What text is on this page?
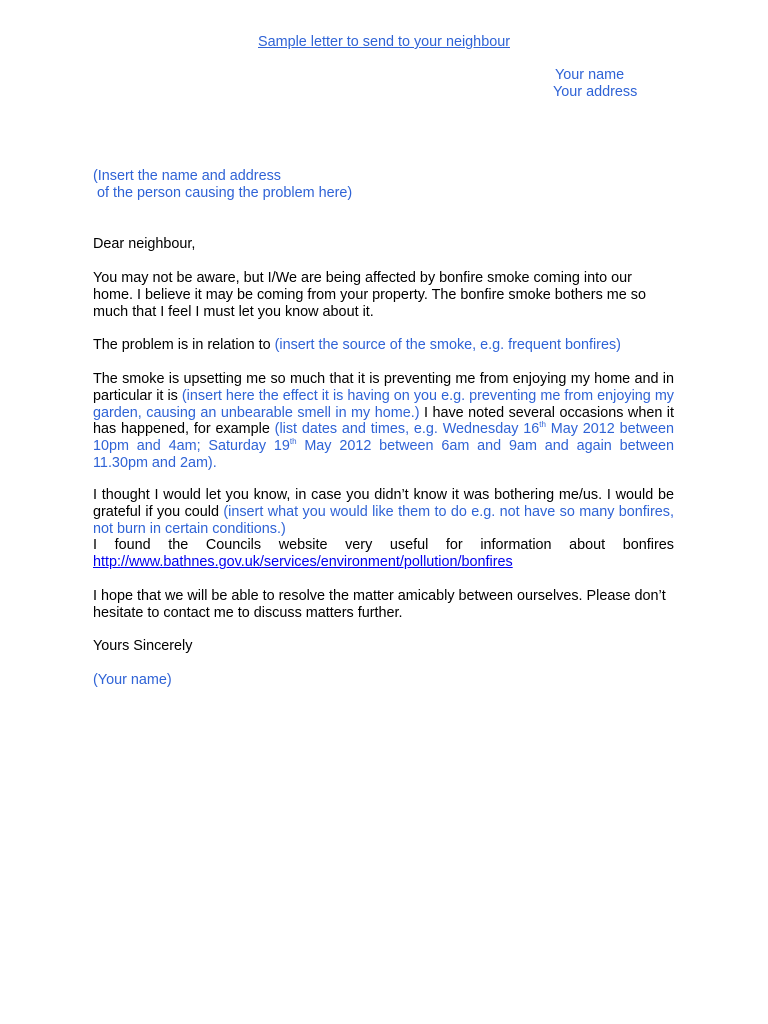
Sample letter to send to your neighbour
Your name
Your address
(Insert the name and address
of the person causing the problem here)
Dear neighbour,
You may not be aware, but I/We are being affected by bonfire smoke coming into our home. I believe it may be coming from your property. The bonfire smoke bothers me so much that I feel I must let you know about it.
The problem is in relation to (insert the source of the smoke, e.g. frequent bonfires)
The smoke is upsetting me so much that it is preventing me from enjoying my home and in particular it is (insert here the effect it is having on you e.g. preventing me from enjoying my garden, causing an unbearable smell in my home.) I have noted several occasions when it has happened, for example (list dates and times, e.g. Wednesday 16th May 2012 between 10pm and 4am; Saturday 19th May 2012 between 6am and 9am and again between 11.30pm and 2am).
I thought I would let you know, in case you didn’t know it was bothering me/us. I would be grateful if you could (insert what you would like them to do e.g. not have so many bonfires, not burn in certain conditions.)
I found the Councils website very useful for information about bonfires
http://www.bathnes.gov.uk/services/environment/pollution/bonfires
I hope that we will be able to resolve the matter amicably between ourselves. Please don’t hesitate to contact me to discuss matters further.
Yours Sincerely
(Your name)
